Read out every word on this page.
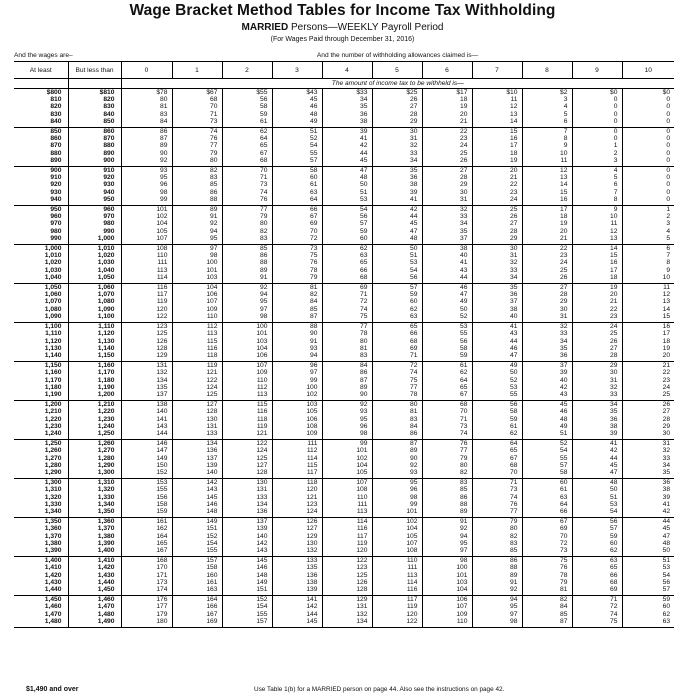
Wage Bracket Method Tables for Income Tax Withholding
MARRIED Persons—WEEKLY Payroll Period
(For Wages Paid through December 31, 2016)
And the wages are–		And the number of withholding allowances claimed is—										
At least	But less than	0	1	2	3	4	5	6	7	8	9	10
		The amount of income tax to be withheld is—										
$800	$810	$78	$67	$55	$43	$33	$25	$17	$10	$2	$0	$0
810	820	80	68	56	45	34	26	18	11	3	0	0
820	830	81	70	58	46	35	27	19	12	4	0	0
830	840	83	71	59	48	36	28	20	13	5	0	0
840	850	84	73	61	49	38	29	21	14	6	0	0
850	860	86	74	62	51	39	30	22	15	7	0	0
860	870	87	76	64	52	41	31	23	16	8	0	0
870	880	89	77	65	54	42	32	24	17	9	1	0
880	890	90	79	67	55	44	33	25	18	10	2	0
890	900	92	80	68	57	45	34	26	19	11	3	0
900	910	93	82	70	58	47	35	27	20	12	4	0
910	920	95	83	71	60	48	36	28	21	13	5	0
920	930	96	85	73	61	50	38	29	22	14	6	0
930	940	98	86	74	63	51	39	30	23	15	7	0
940	950	99	88	76	64	53	41	31	24	16	8	0
950	960	101	89	77	66	54	42	32	25	17	9	1
960	970	102	91	79	67	56	44	33	26	18	10	2
970	980	104	92	80	69	57	45	34	27	19	11	3
980	990	105	94	82	70	59	47	35	28	20	12	4
990	1,000	107	95	83	72	60	48	37	29	21	13	5
1,000	1,010	108	97	85	73	62	50	38	30	22	14	6
1,010	1,020	110	98	86	75	63	51	40	31	23	15	7
1,020	1,030	111	100	88	76	65	53	41	32	24	16	8
1,030	1,040	113	101	89	78	66	54	43	33	25	17	9
1,040	1,050	114	103	91	79	68	56	44	34	26	18	10
1,050	1,060	116	104	92	81	69	57	46	35	27	19	11
1,060	1,070	117	106	94	82	71	59	47	36	28	20	12
1,070	1,080	119	107	95	84	72	60	49	37	29	21	13
1,080	1,090	120	109	97	85	74	62	50	38	30	22	14
1,090	1,100	122	110	98	87	75	63	52	40	31	23	15
1,100	1,110	123	112	100	88	77	65	53	41	32	24	16
1,110	1,120	125	113	101	90	78	66	55	43	33	25	17
1,120	1,130	126	115	103	91	80	68	56	44	34	26	18
1,130	1,140	128	116	104	93	81	69	58	46	35	27	19
1,140	1,150	129	118	106	94	83	71	59	47	36	28	20
1,150	1,160	131	119	107	96	84	72	61	49	37	29	21
1,160	1,170	132	121	109	97	86	74	62	50	39	30	22
1,170	1,180	134	122	110	99	87	75	64	52	40	31	23
1,180	1,190	135	124	112	100	89	77	65	53	42	32	24
1,190	1,200	137	125	113	102	90	78	67	55	43	33	25
1,200	1,210	138	127	115	103	92	80	68	56	45	34	26
1,210	1,220	140	128	116	105	93	81	70	58	46	35	27
1,220	1,230	141	130	118	106	95	83	71	59	48	36	28
1,230	1,240	143	131	119	108	96	84	73	61	49	38	29
1,240	1,250	144	133	121	109	98	86	74	62	51	39	30
1,250	1,260	146	134	122	111	99	87	76	64	52	41	31
1,260	1,270	147	136	124	112	101	89	77	65	54	42	32
1,270	1,280	149	137	125	114	102	90	79	67	55	44	33
1,280	1,290	150	139	127	115	104	92	80	68	57	45	34
1,290	1,300	152	140	128	117	105	93	82	70	58	47	35
1,300	1,310	153	142	130	118	107	95	83	71	60	48	36
1,310	1,320	155	143	131	120	108	96	85	73	61	50	38
1,320	1,330	156	145	133	121	110	98	86	74	63	51	39
1,330	1,340	158	146	134	123	111	99	88	76	64	53	41
1,340	1,350	159	148	136	124	113	101	89	77	66	54	42
1,350	1,360	161	149	137	126	114	102	91	79	67	56	44
1,360	1,370	162	151	139	127	116	104	92	80	69	57	45
1,370	1,380	164	152	140	129	117	105	94	82	70	59	47
1,380	1,390	165	154	142	130	119	107	95	83	72	60	48
1,390	1,400	167	155	143	132	120	108	97	85	73	62	50
1,400	1,410	168	157	145	133	122	110	98	86	75	63	51
1,410	1,420	170	158	146	135	123	111	100	88	76	65	53
1,420	1,430	171	160	148	136	125	113	101	89	78	66	54
1,430	1,440	173	161	149	138	126	114	103	91	79	68	56
1,440	1,450	174	163	151	139	128	116	104	92	81	69	57
1,450	1,460	176	164	152	141	129	117	106	94	82	71	59
1,460	1,470	177	166	154	142	131	119	107	95	84	72	60
1,470	1,480	179	167	155	144	132	120	109	97	85	74	62
1,480	1,490	180	169	157	145	134	122	110	98	87	75	63
$1,490 and over	Use Table 1(b) for a MARRIED person on page 44. Also see the instructions on page 42.
